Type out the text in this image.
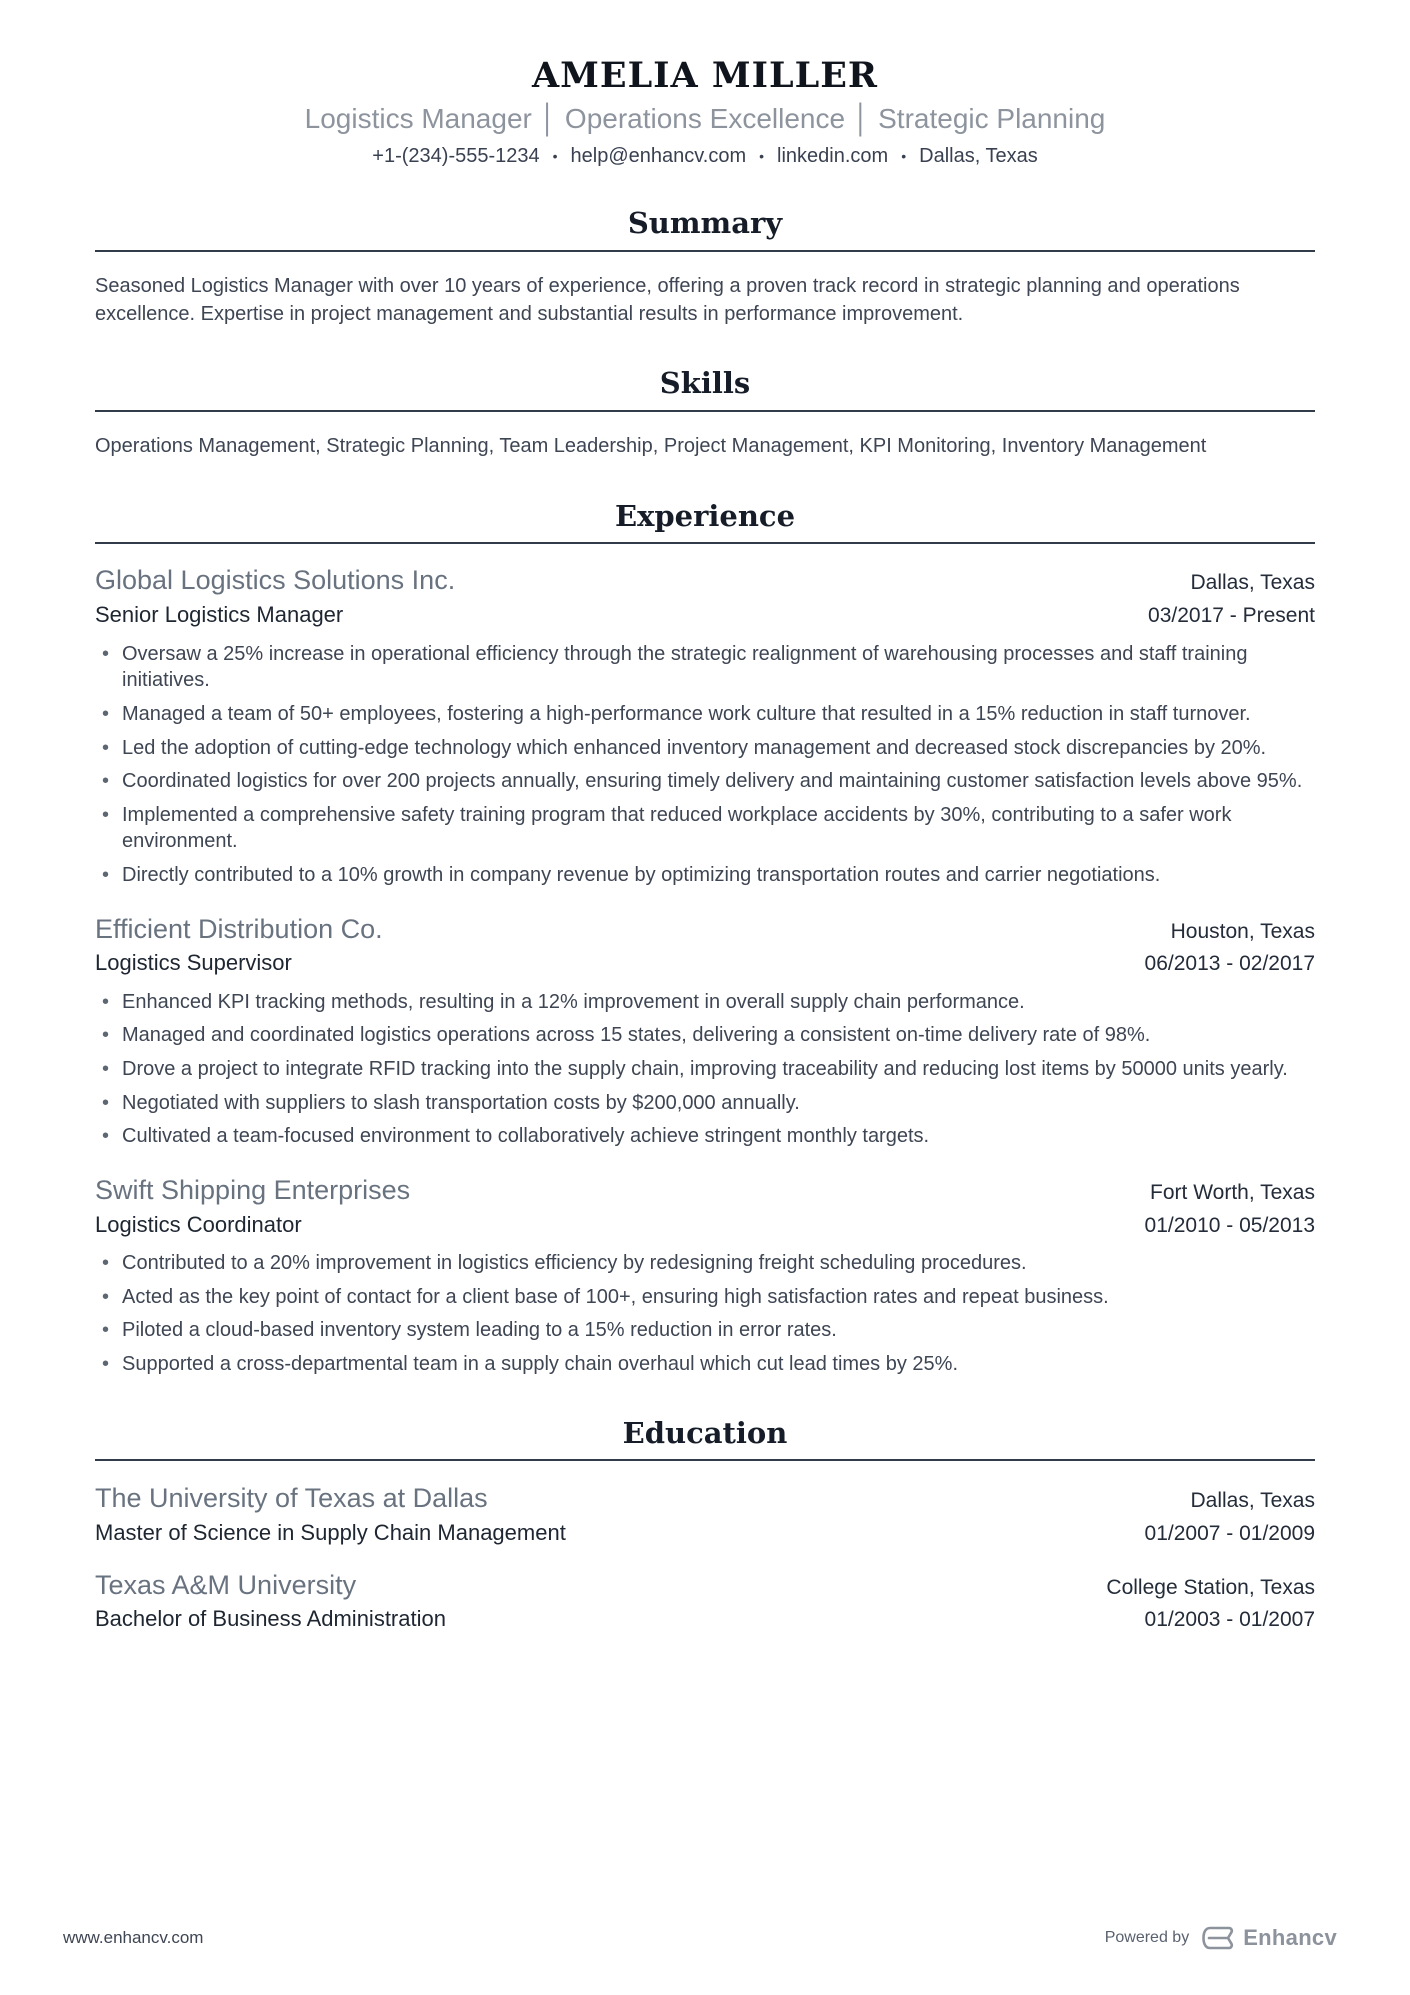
AMELIA MILLER
Logistics Manager │ Operations Excellence │ Strategic Planning
+1-(234)-555-1234 • help@enhancv.com • linkedin.com • Dallas, Texas
Summary

Seasoned Logistics Manager with over 10 years of experience, offering a proven track record in strategic planning and operations excellence. Expertise in project management and substantial results in performance improvement.

Skills

Operations Management, Strategic Planning, Team Leadership, Project Management, KPI Monitoring, Inventory Management

Experience
Global Logistics Solutions Inc.	Dallas, Texas
Senior Logistics Manager	03/2017 - Present
• Oversaw a 25% increase in operational efficiency through the strategic realignment of warehousing processes and staff training initiatives.
• Managed a team of 50+ employees, fostering a high-performance work culture that resulted in a 15% reduction in staff turnover.
• Led the adoption of cutting-edge technology which enhanced inventory management and decreased stock discrepancies by 20%.
• Coordinated logistics for over 200 projects annually, ensuring timely delivery and maintaining customer satisfaction levels above 95%.
• Implemented a comprehensive safety training program that reduced workplace accidents by 30%, contributing to a safer work environment.
• Directly contributed to a 10% growth in company revenue by optimizing transportation routes and carrier negotiations.
Efficient Distribution Co.	Houston, Texas
Logistics Supervisor	06/2013 - 02/2017
• Enhanced KPI tracking methods, resulting in a 12% improvement in overall supply chain performance.
• Managed and coordinated logistics operations across 15 states, delivering a consistent on-time delivery rate of 98%.
• Drove a project to integrate RFID tracking into the supply chain, improving traceability and reducing lost items by 50000 units yearly.
• Negotiated with suppliers to slash transportation costs by $200,000 annually.
• Cultivated a team-focused environment to collaboratively achieve stringent monthly targets.
Swift Shipping Enterprises	Fort Worth, Texas
Logistics Coordinator	01/2010 - 05/2013
• Contributed to a 20% improvement in logistics efficiency by redesigning freight scheduling procedures.
• Acted as the key point of contact for a client base of 100+, ensuring high satisfaction rates and repeat business.
• Piloted a cloud-based inventory system leading to a 15% reduction in error rates.
• Supported a cross-departmental team in a supply chain overhaul which cut lead times by 25%.
Education
The University of Texas at Dallas	Dallas, Texas
Master of Science in Supply Chain Management	01/2007 - 01/2009
Texas A&M University	College Station, Texas
Bachelor of Business Administration	01/2003 - 01/2007
www.enhancv.com	Powered by Enhancv
